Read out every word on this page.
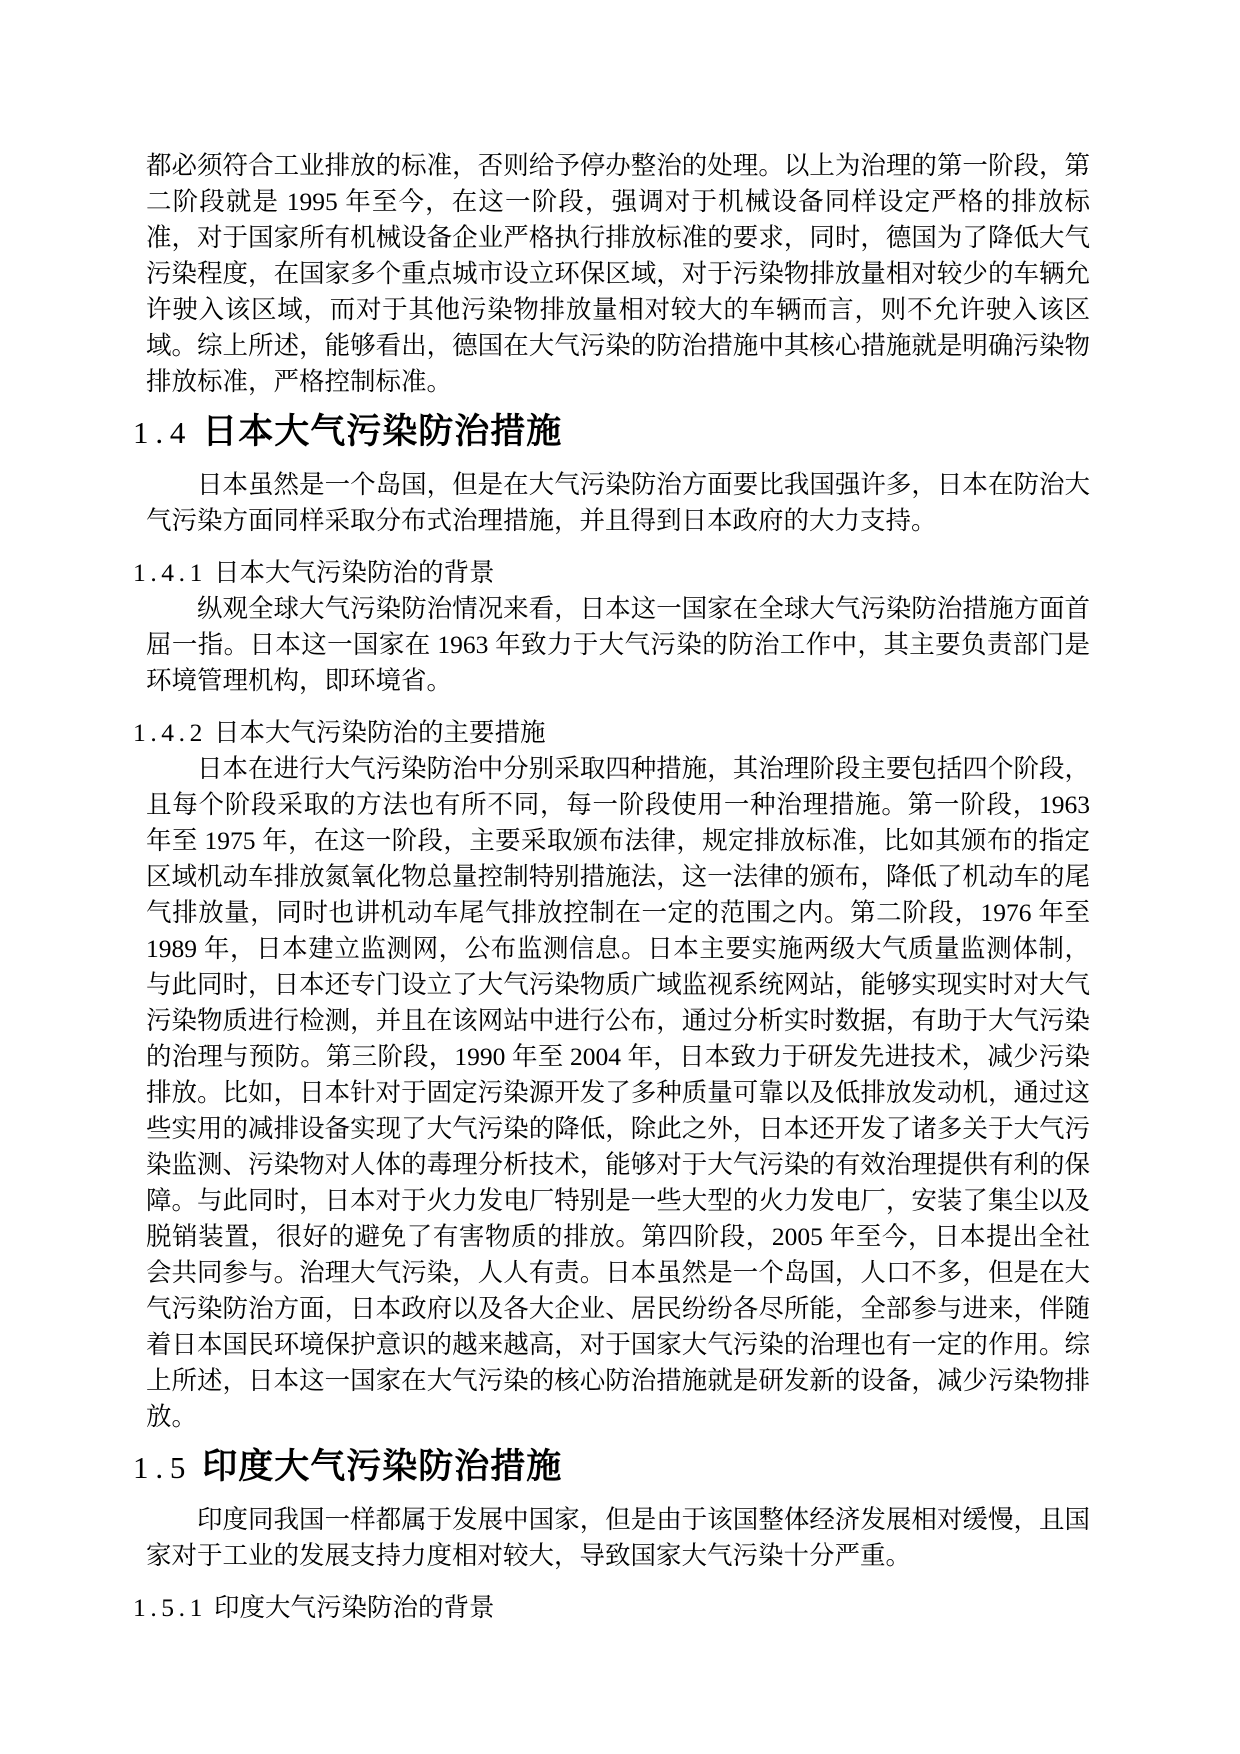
都必须符合工业排放的标准，否则给予停办整治的处理。以上为治理的第一阶段，第二阶段就是 1995 年至今，在这一阶段，强调对于机械设备同样设定严格的排放标准，对于国家所有机械设备企业严格执行排放标准的要求，同时，德国为了降低大气污染程度，在国家多个重点城市设立环保区域，对于污染物排放量相对较少的车辆允许驶入该区域，而对于其他污染物排放量相对较大的车辆而言，则不允许驶入该区域。综上所述，能够看出，德国在大气污染的防治措施中其核心措施就是明确污染物排放标准，严格控制标准。

1.4 日本大气污染防治措施

日本虽然是一个岛国，但是在大气污染防治方面要比我国强许多，日本在防治大气污染方面同样采取分布式治理措施，并且得到日本政府的大力支持。

1.4.1 日本大气污染防治的背景

纵观全球大气污染防治情况来看，日本这一国家在全球大气污染防治措施方面首屈一指。日本这一国家在 1963 年致力于大气污染的防治工作中，其主要负责部门是环境管理机构，即环境省。

1.4.2 日本大气污染防治的主要措施

日本在进行大气污染防治中分别采取四种措施，其治理阶段主要包括四个阶段，且每个阶段采取的方法也有所不同，每一阶段使用一种治理措施。第一阶段，1963 年至 1975 年，在这一阶段，主要采取颁布法律，规定排放标准，比如其颁布的指定区域机动车排放氮氧化物总量控制特别措施法，这一法律的颁布，降低了机动车的尾气排放量，同时也讲机动车尾气排放控制在一定的范围之内。第二阶段，1976 年至 1989 年，日本建立监测网，公布监测信息。日本主要实施两级大气质量监测体制，与此同时，日本还专门设立了大气污染物质广域监视系统网站，能够实现实时对大气污染物质进行检测，并且在该网站中进行公布，通过分析实时数据，有助于大气污染的治理与预防。第三阶段，1990 年至 2004 年，日本致力于研发先进技术，减少污染排放。比如，日本针对于固定污染源开发了多种质量可靠以及低排放发动机，通过这些实用的减排设备实现了大气污染的降低，除此之外，日本还开发了诸多关于大气污染监测、污染物对人体的毒理分析技术，能够对于大气污染的有效治理提供有利的保障。与此同时，日本对于火力发电厂特别是一些大型的火力发电厂，安装了集尘以及脱销装置，很好的避免了有害物质的排放。第四阶段，2005 年至今，日本提出全社会共同参与。治理大气污染，人人有责。日本虽然是一个岛国，人口不多，但是在大气污染防治方面，日本政府以及各大企业、居民纷纷各尽所能，全部参与进来，伴随着日本国民环境保护意识的越来越高，对于国家大气污染的治理也有一定的作用。综上所述，日本这一国家在大气污染的核心防治措施就是研发新的设备，减少污染物排放。

1.5 印度大气污染防治措施

印度同我国一样都属于发展中国家，但是由于该国整体经济发展相对缓慢，且国家对于工业的发展支持力度相对较大，导致国家大气污染十分严重。

1.5.1 印度大气污染防治的背景
